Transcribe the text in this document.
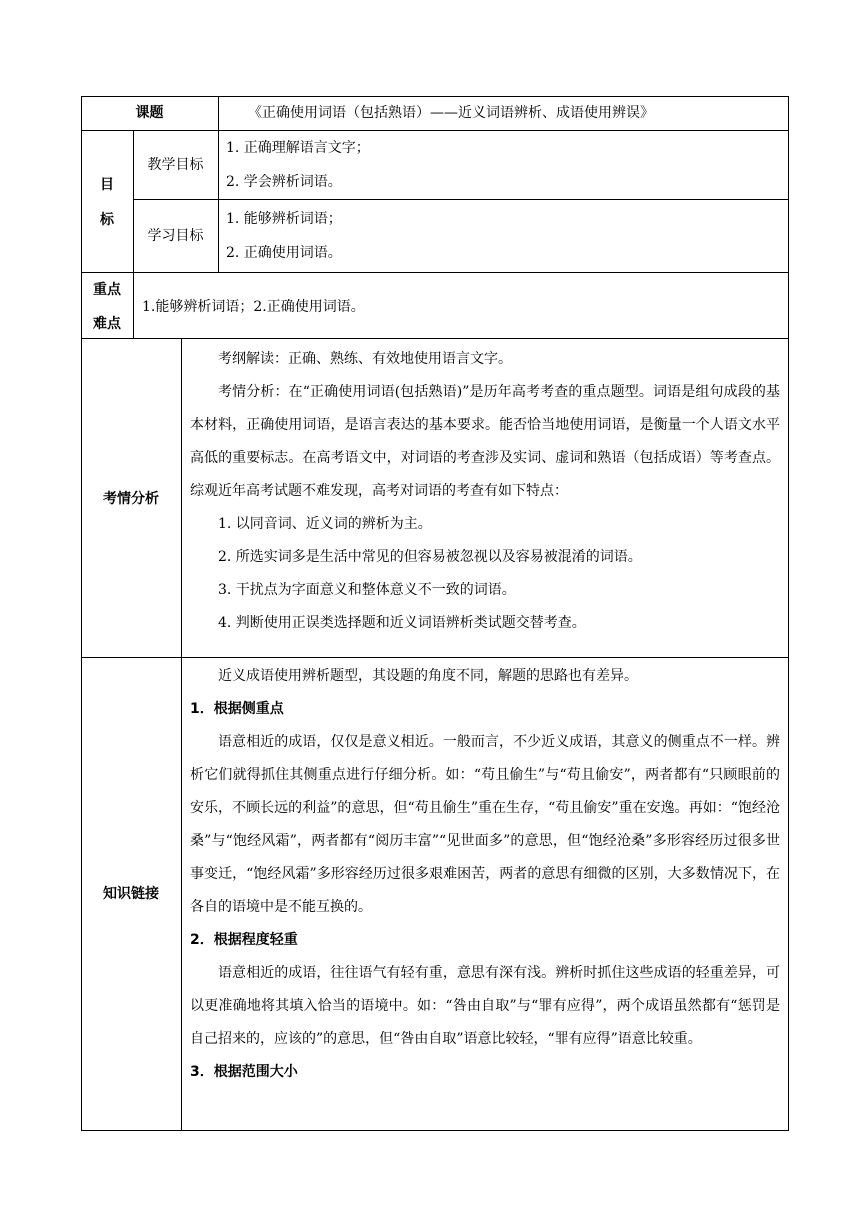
课题	《正确使用词语（包括熟语）——近义词语辨析、成语使用辨误》
目
标
教学目标
1. 正确理解语言文字；
2. 学会辨析词语。
学习目标
1. 能够辨析词语；
2. 正确使用词语。
重点
难点
1.能够辨析词语；2.正确使用词语。
考情分析

考纲解读：正确、熟练、有效地使用语言文字。

考情分析：在“正确使用词语(包括熟语)”是历年高考考查的重点题型。词语是组句成段的基本材料，正确使用词语，是语言表达的基本要求。能否恰当地使用词语，是衡量一个人语文水平高低的重要标志。在高考语文中，对词语的考查涉及实词、虚词和熟语（包括成语）等考查点。综观近年高考试题不难发现，高考对词语的考查有如下特点：

1. 以同音词、近义词的辨析为主。

2. 所选实词多是生活中常见的但容易被忽视以及容易被混淆的词语。

3. 干扰点为字面意义和整体意义不一致的词语。

4. 判断使用正误类选择题和近义词语辨析类试题交替考查。

知识链接

近义成语使用辨析题型，其设题的角度不同，解题的思路也有差异。

1．根据侧重点

语意相近的成语，仅仅是意义相近。一般而言，不少近义成语，其意义的侧重点不一样。辨析它们就得抓住其侧重点进行仔细分析。如：“苟且偷生”与“苟且偷安”，两者都有“只顾眼前的安乐，不顾长远的利益”的意思，但“苟且偷生”重在生存，“苟且偷安”重在安逸。再如：“饱经沧桑”与“饱经风霜”，两者都有“阅历丰富”“见世面多”的意思，但“饱经沧桑”多形容经历过很多世事变迁，“饱经风霜”多形容经历过很多艰难困苦，两者的意思有细微的区别，大多数情况下，在各自的语境中是不能互换的。

2．根据程度轻重

语意相近的成语，往往语气有轻有重，意思有深有浅。辨析时抓住这些成语的轻重差异，可以更准确地将其填入恰当的语境中。如：“咎由自取”与“罪有应得”，两个成语虽然都有“惩罚是自己招来的，应该的”的意思，但“咎由自取”语意比较轻，“罪有应得”语意比较重。

3．根据范围大小
